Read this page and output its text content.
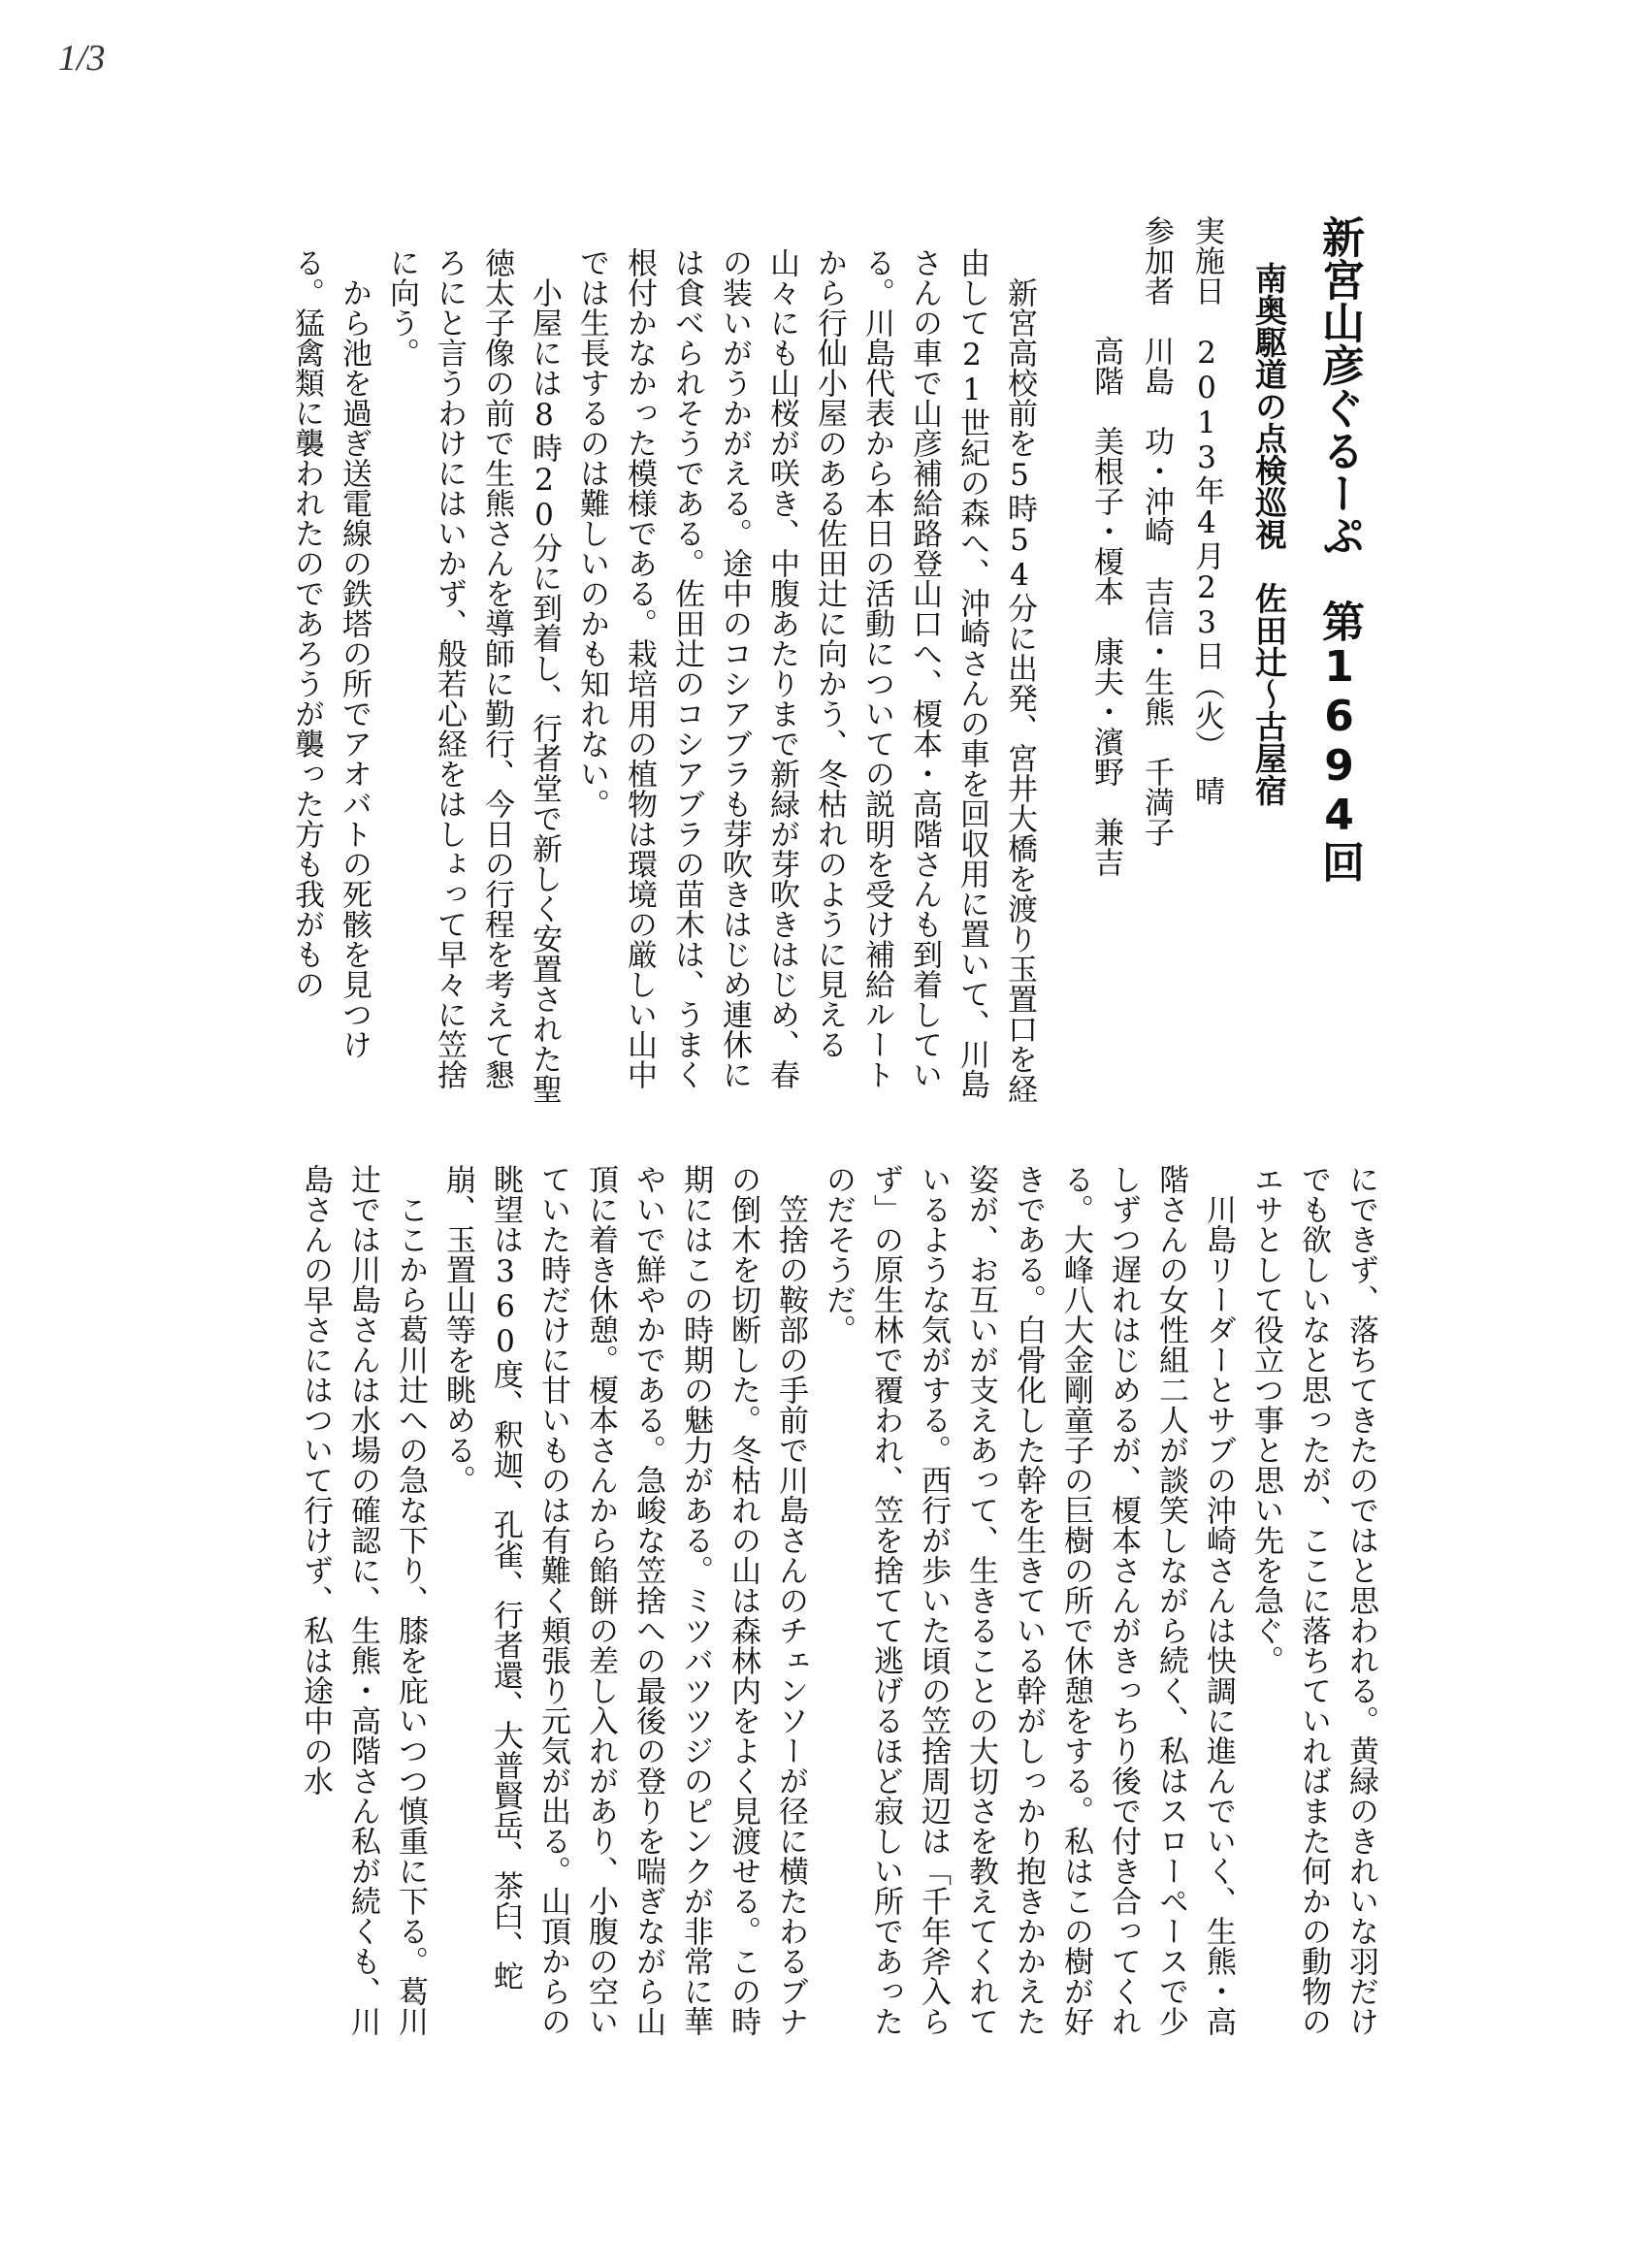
1/3
新宮山彦ぐるーぷ　第1694回
南奥駆道の点検巡視　佐田辻～古屋宿

実施日　2013年4月23日（火）　晴

参加者　川島　功・沖崎　吉信・生熊　千満子

　　　　高階　美根子・榎本　康夫・濱野　兼吉

新宮高校前を5時54分に出発、宮井大橋を渡り玉置口を経由して21世紀の森へ、沖崎さんの車を回収用に置いて、川島さんの車で山彦補給路登山口へ、榎本・高階さんも到着している。川島代表から本日の活動についての説明を受け補給ルートから行仙小屋のある佐田辻に向かう、冬枯れのように見える山々にも山桜が咲き、中腹あたりまで新緑が芽吹きはじめ、春の装いがうかがえる。途中のコシアブラも芽吹きはじめ連休には食べられそうである。佐田辻のコシアブラの苗木は、うまく根付かなかった模様である。栽培用の植物は環境の厳しい山中では生長するのは難しいのかも知れない。

小屋には8時20分に到着し、行者堂で新しく安置された聖徳太子像の前で生熊さんを導師に勤行、今日の行程を考えて懇ろにと言うわけにはいかず、般若心経をはしょって早々に笠捨に向う。

から池を過ぎ送電線の鉄塔の所でアオバトの死骸を見つける。猛禽類に襲われたのであろうが襲った方も我がもの

にできず、落ちてきたのではと思われる。黄緑のきれいな羽だけでも欲しいなと思ったが、ここに落ちていればまた何かの動物のエサとして役立つ事と思い先を急ぐ。

川島リーダーとサブの沖崎さんは快調に進んでいく、生熊・高階さんの女性組二人が談笑しながら続く、私はスローペースで少しずつ遅れはじめるが、榎本さんがきっちり後で付き合ってくれる。大峰八大金剛童子の巨樹の所で休憩をする。私はこの樹が好きである。白骨化した幹を生きている幹がしっかり抱きかかえた姿が、お互いが支えあって、生きることの大切さを教えてくれているような気がする。西行が歩いた頃の笠捨周辺は「千年斧入らず」の原生林で覆われ、笠を捨てて逃げるほど寂しい所であったのだそうだ。

笠捨の鞍部の手前で川島さんのチェンソーが径に横たわるブナの倒木を切断した。冬枯れの山は森林内をよく見渡せる。この時期にはこの時期の魅力がある。ミツバツツジのピンクが非常に華やいで鮮やかである。急峻な笠捨への最後の登りを喘ぎながら山頂に着き休憩。榎本さんから餡餅の差し入れがあり、小腹の空いていた時だけに甘いものは有難く頬張り元気が出る。山頂からの眺望は360度、釈迦、孔雀、行者還、大普賢岳、茶臼、蛇崩、玉置山等を眺める。

ここから葛川辻への急な下り、膝を庇いつつ慎重に下る。葛川辻では川島さんは水場の確認に、生熊・高階さん私が続くも、川島さんの早さにはついて行けず、私は途中の水
